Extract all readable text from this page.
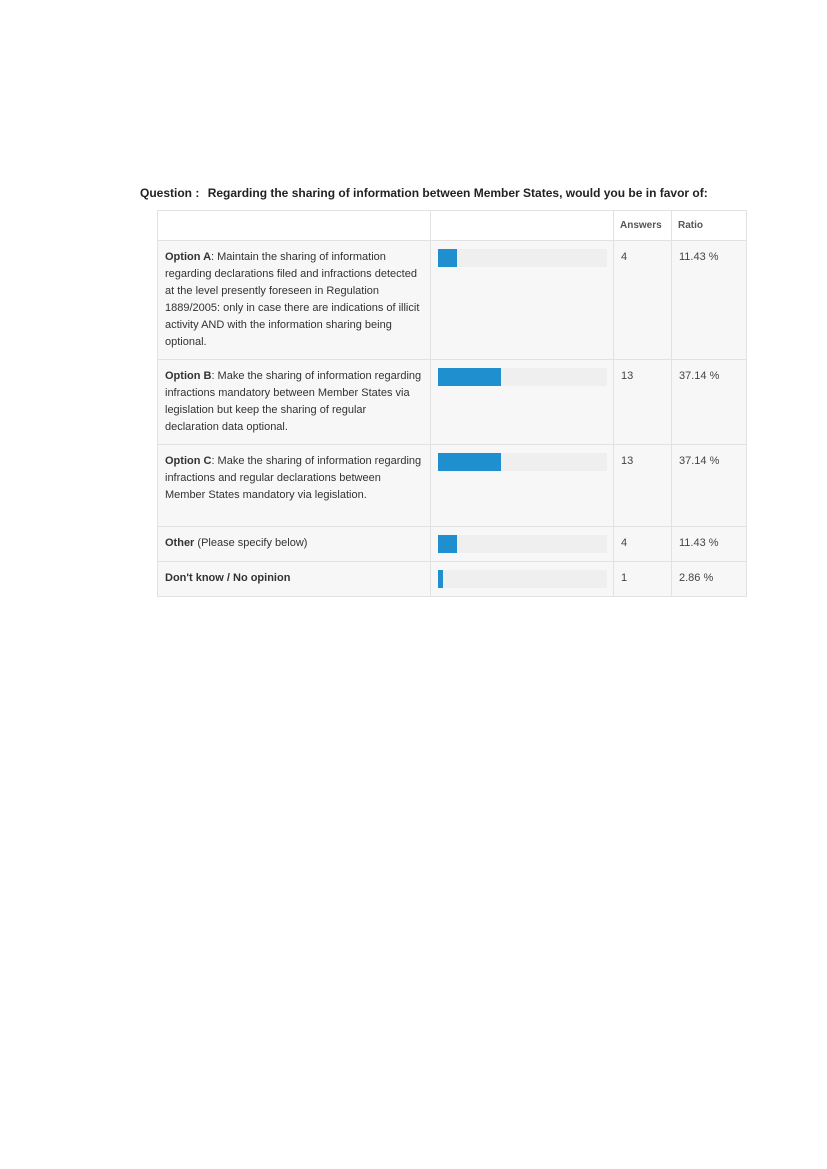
Question : Regarding the sharing of information between Member States, would you be in favor of:
		Answers	Ratio
Option A: Maintain the sharing of information regarding declarations filed and infractions detected at the level presently foreseen in Regulation 1889/2005: only in case there are indications of illicit activity AND with the information sharing being optional.		4	11.43 %
Option B: Make the sharing of information regarding infractions mandatory between Member States via legislation but keep the sharing of regular declaration data optional.		13	37.14 %
Option C: Make the sharing of information regarding infractions and regular declarations between Member States mandatory via legislation.		13	37.14 %
Other (Please specify below)		4	11.43 %
Don't know / No opinion		1	2.86 %
